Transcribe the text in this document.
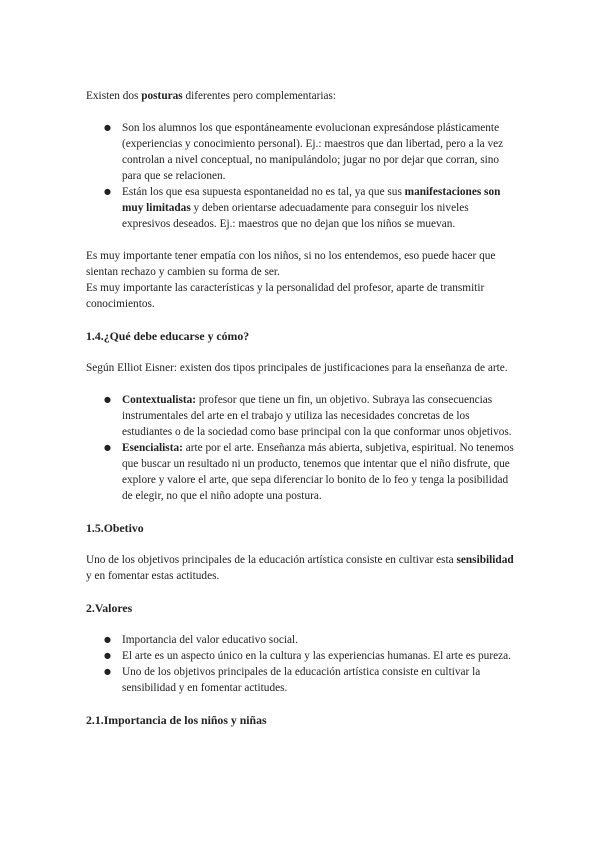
Existen dos posturas diferentes pero complementarias:

● Son los alumnos los que espontáneamente evolucionan expresándose plásticamente (experiencias y conocimiento personal). Ej.: maestros que dan libertad, pero a la vez controlan a nivel conceptual, no manipulándolo; jugar no por dejar que corran, sino para que se relacionen.
● Están los que esa supuesta espontaneidad no es tal, ya que sus manifestaciones son muy limitadas y deben orientarse adecuadamente para conseguir los niveles expresivos deseados. Ej.: maestros que no dejan que los niños se muevan.

Es muy importante tener empatía con los niños, si no los entendemos, eso puede hacer que sientan rechazo y cambien su forma de ser.

Es muy importante las características y la personalidad del profesor, aparte de transmitir conocimientos.

1.4.¿Qué debe educarse y cómo?

Según Elliot Eisner: existen dos tipos principales de justificaciones para la enseñanza de arte.

● Contextualista: profesor que tiene un fin, un objetivo. Subraya las consecuencias instrumentales del arte en el trabajo y utiliza las necesidades concretas de los estudiantes o de la sociedad como base principal con la que conformar unos objetivos.
● Esencialista: arte por el arte. Enseñanza más abierta, subjetiva, espiritual. No tenemos que buscar un resultado ni un producto, tenemos que intentar que el niño disfrute, que explore y valore el arte, que sepa diferenciar lo bonito de lo feo y tenga la posibilidad de elegir, no que el niño adopte una postura.
1.5.Obetivo

Uno de los objetivos principales de la educación artística consiste en cultivar esta sensibilidad y en fomentar estas actitudes.

2.Valores
● Importancia del valor educativo social.
● El arte es un aspecto único en la cultura y las experiencias humanas. El arte es pureza.
● Uno de los objetivos principales de la educación artística consiste en cultivar la sensibilidad y en fomentar actitudes.
2.1.Importancia de los niños y niñas
